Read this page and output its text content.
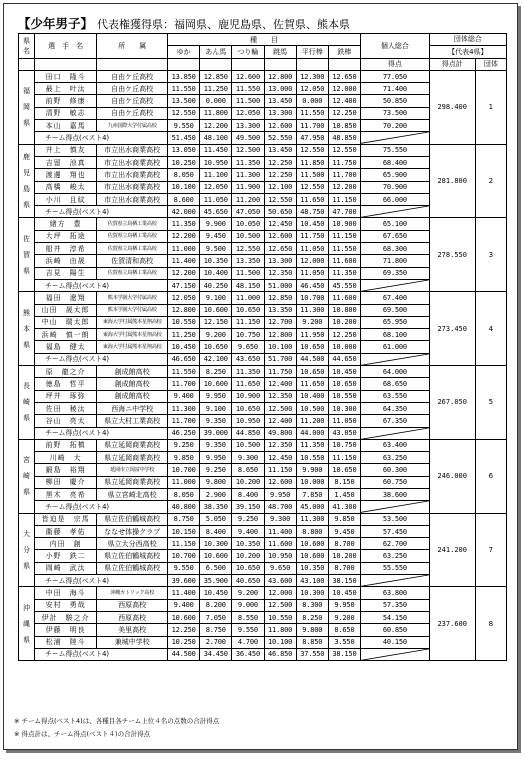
【少年男子】 代表権獲得県：福岡県、鹿児島県、佐賀県、熊本県
県
名	選　手　名	所　　属	種　　目						個人総合	団体総合	
			ゆか	あん馬	つり輪	跳馬	平行棒	鉄棒		【代表4県】	
									得点	得点計	団体
福岡県	田口　隆斗	自由ケ丘高校	13.850	12.850	12.600	12.800	12.300	12.650	77.050	298.400	1
	最上　叶汰	自由ケ丘高校	11.550	11.250	11.550	13.000	12.050	12.000	71.400		
	前野　修康	自由ケ丘高校	13.500	0.000	11.500	13.450	0.000	12.400	50.850		
	清野　敏志	自由ケ丘高校	12.550	11.800	12.050	13.300	11.550	12.250	73.500		
	本山　嘉馬	九州国際大学付属高校	9.550	12.200	13.300	12.600	11.700	10.850	70.200		
	チーム得点(ベスト4)		51.450	48.100	49.500	52.550	47.950	48.850	

鹿児島県	井上　慎友	市立出水商業高校	13.050	11.450	12.500	13.450	12.550	12.550	75.550	281.800	2
	吉留　涼真	市立出水商業高校	10.250	10.950	11.350	12.250	11.850	11.750	68.400		
	渡邊　翔也	市立出水商業高校	8.050	11.100	11.300	12.250	11.500	11.700	65.900		
	高橋　峻太	市立出水商業高校	10.100	12.050	11.900	12.100	12.550	12.200	70.900		
	小川　且紋	市立出水商業高校	8.600	11.050	11.200	12.550	11.650	11.150	66.000		
	チーム得点(ベスト4)		42.000	45.650	47.050	50.650	48.750	47.700	

佐賀県	緒方　豊	佐賀県立鳥栖工業高校	11.350	9.900	10.050	12.450	10.450	10.900	65.100	278.550	3
	大坪　拓途	佐賀県立鳥栖工業高校	12.200	9.450	10.500	12.600	11.750	11.150	67.650		
	船井　淳希	佐賀県立鳥栖工業高校	11.000	9.500	12.550	12.650	11.050	11.550	68.300		
	浜崎　由晟	佐賀清和高校	11.400	10.350	13.350	13.300	12.000	11.600	71.800		
	吉見　陽生	佐賀県立鳥栖工業高校	12.200	10.400	11.500	12.350	11.050	11.350	69.350		
	チーム得点(ベスト4)		47.150	40.250	48.150	51.000	46.450	45.550	

熊本県	福田　遼翔	熊本学園大学付属高校	12.050	9.100	11.000	12.850	10.700	11.600	67.400	273.450	4
	山田　晟太郎	熊本学園大学付属高校	12.800	10.600	10.650	13.350	11.300	10.800	69.500		
	中山　瑞太郎	東海大学付属熊本星翔高校	10.550	12.150	11.150	12.700	9.200	10.200	65.950		
	浜崎　慎一朗	東海大学付属熊本星翔高校	11.250	9.200	10.750	12.800	11.950	12.250	68.100		
	福島　健太	東海大学付属熊本星翔高校	10.450	10.650	9.650	10.100	10.650	10.000	61.000		
	チーム得点(ベスト4)		46.650	42.100	43.650	51.700	44.500	44.650	

長崎県	原　龍之介	創成館高校	11.550	8.250	11.350	11.750	10.650	10.450	64.000	267.050	5
	徳島　哲平	創成館高校	11.700	10.600	11.650	12.400	11.650	10.650	68.650		
	坪井　琢弥	創成館高校	9.400	9.950	10.900	12.350	10.400	10.550	63.550		
	佐田　稜汰	西海ニ中学校	11.300	9.100	10.650	12.500	10.500	10.300	64.350		
	谷山　亮太	県立大村工業高校	11.700	9.350	10.950	12.400	11.200	11.050	67.350		
	チーム得点(ベスト4)		46.250	39.000	44.850	49.800	44.000	43.050	

宮崎県	前野　拓槙	県立延岡商業高校	9.250	9.350	10.500	12.350	11.350	10.750	63.400	246.000	6
	川崎　大	県立延岡商業高校	9.850	9.950	9.300	12.450	10.550	11.150	63.250		
	鍛島　裕翔	延岡市立岡富中学校	10.700	9.250	8.650	11.150	9.900	10.650	60.300		
	柳田　慶介	県立延岡商業高校	11.000	9.800	10.200	12.600	10.000	8.150	60.750		
	黒木　亮希	県立宮崎北高校	8.050	2.900	8.400	9.950	7.850	1.450	38.600		
	チーム得点(ベスト4)		40.800	38.350	39.150	48.700	45.000	41.300	

大分県	皆迫是　宗馬	県立佐伯鶴城高校	8.750	5.050	9.250	9.300	11.300	9.850	53.500	241.200	7
	衞藤　孝佑	ななせ体操クラブ	10.150	8.400	9.400	11.400	8.800	9.450	57.450		
	内田　創	県立大分西高校	11.150	10.300	10.350	11.600	10.600	8.700	62.700		
	小野　鉄二	県立佐伯鶴城高校	10.700	10.600	10.200	10.950	10.600	10.200	63.250		
	岡崎　武汰	県立佐伯鶴城高校	9.550	6.500	10.650	9.650	10.350	8.700	55.550		
	チーム得点(ベスト4)		39.600	35.900	40.650	43.600	43.100	38.150	

沖縄県	中田　海斗	沖縄カトリック高校	11.400	10.450	9.200	12.000	10.300	10.450	63.800	237.600	8
	安村　勇哉	西原高校	9.400	8.200	9.000	12.500	8.300	9.950	57.350		
	伊計　駿之介	西原高校	10.600	7.050	8.550	10.550	8.250	9.200	54.150		
	伊藤　明良	美里高校	12.250	8.750	9.550	11.800	9.800	8.650	60.850		
	松浦　陸斗	兼城中学校	10.250	2.700	4.700	10.100	8.850	3.550	40.150		
	チーム得点(ベスト4)		44.500	34.450	36.450	46.850	37.550	38.150	
※ チーム得点(ベスト4)は、各種目各チーム上位４名の点数の合計得点
※ 得点計は、チーム得点(ベスト４)の合計得点
